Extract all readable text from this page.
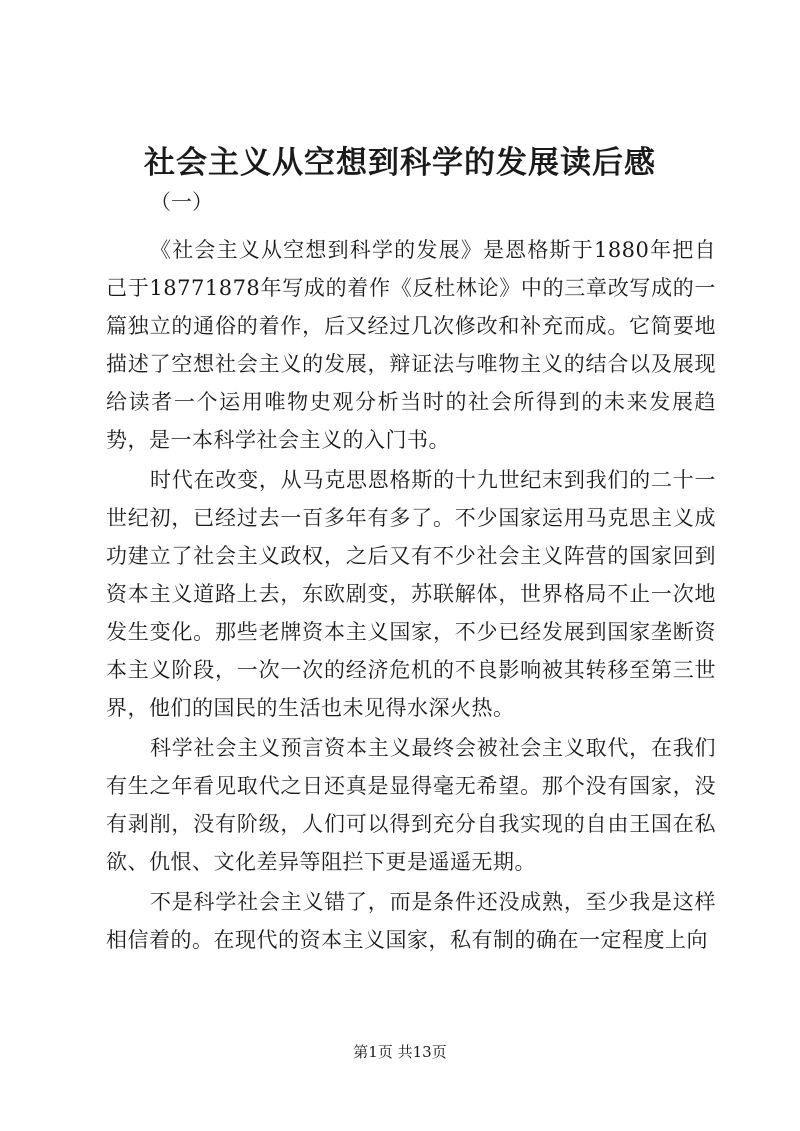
社会主义从空想到科学的发展读后感

（一）

《社会主义从空想到科学的发展》是恩格斯于1880年把自己于18771878年写成的着作《反杜林论》中的三章改写成的一篇独立的通俗的着作，后又经过几次修改和补充而成。它简要地描述了空想社会主义的发展，辩证法与唯物主义的结合以及展现给读者一个运用唯物史观分析当时的社会所得到的未来发展趋势，是一本科学社会主义的入门书。

时代在改变，从马克思恩格斯的十九世纪末到我们的二十一世纪初，已经过去一百多年有多了。不少国家运用马克思主义成功建立了社会主义政权，之后又有不少社会主义阵营的国家回到资本主义道路上去，东欧剧变，苏联解体，世界格局不止一次地发生变化。那些老牌资本主义国家，不少已经发展到国家垄断资本主义阶段，一次一次的经济危机的不良影响被其转移至第三世界，他们的国民的生活也未见得水深火热。

科学社会主义预言资本主义最终会被社会主义取代，在我们有生之年看见取代之日还真是显得毫无希望。那个没有国家，没有剥削，没有阶级，人们可以得到充分自我实现的自由王国在私欲、仇恨、文化差异等阻拦下更是遥遥无期。

不是科学社会主义错了，而是条件还没成熟，至少我是这样相信着的。在现代的资本主义国家，私有制的确在一定程度上向

第1页 共13页
